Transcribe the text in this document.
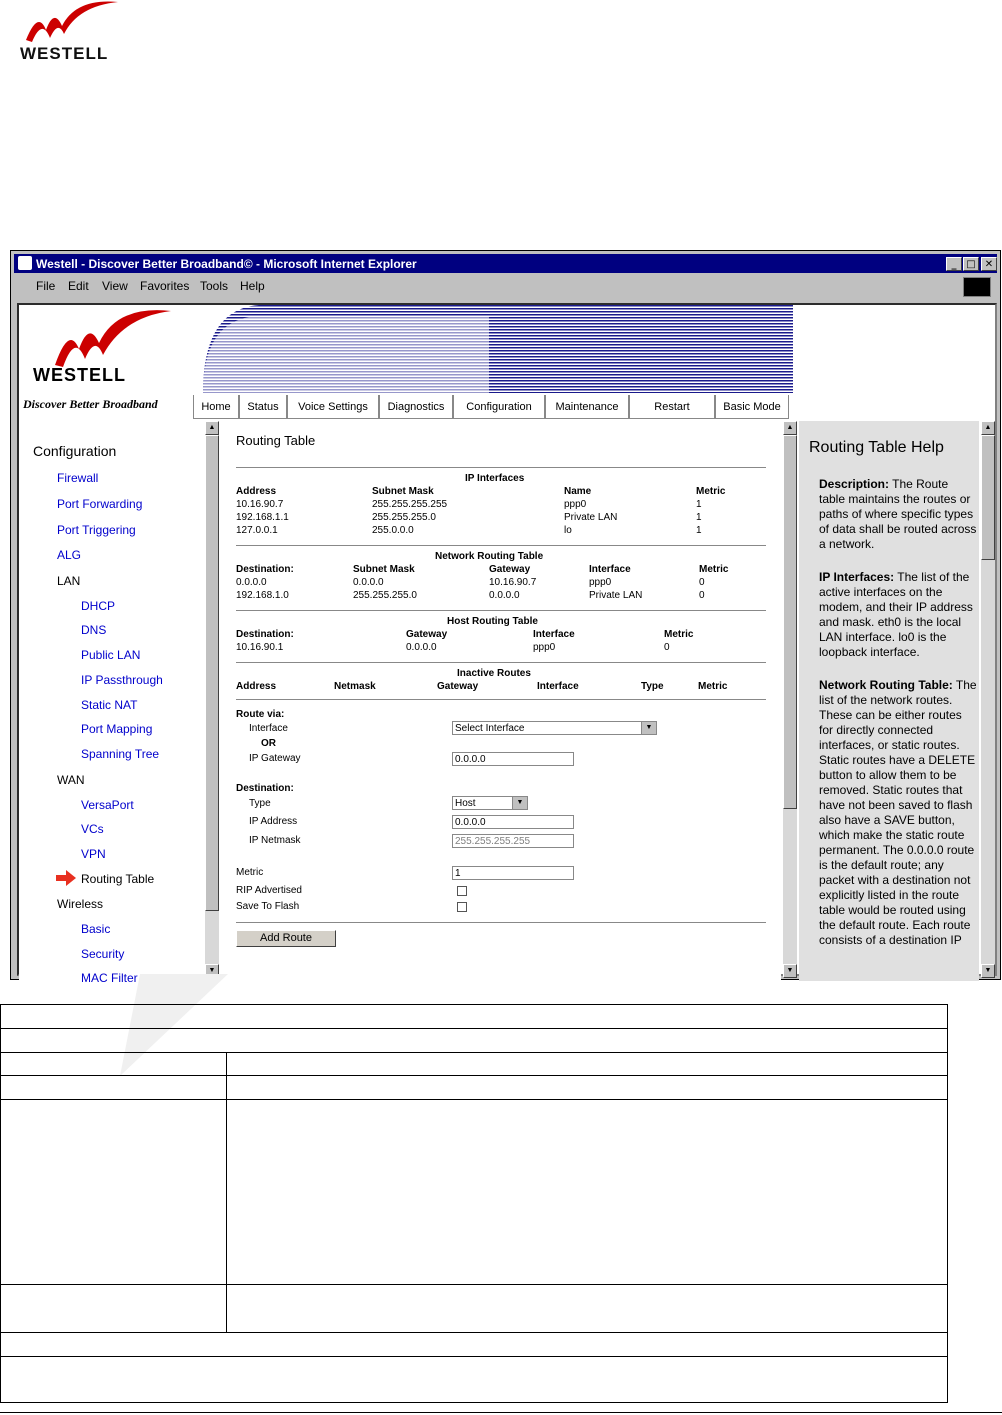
WESTELL
Westell - Discover Better Broadband© - Microsoft Internet Explorer	_ □ ✕
File Edit View Favorites Tools Help
WESTELL
Discover Better Broadband	Home	Status	Voice Settings	Diagnostics	Configuration	Maintenance	Restart	Basic Mode
Configuration
Firewall
Port Forwarding
Port Triggering
ALG
LAN
DHCP
DNS
Public LAN
IP Passthrough
Static NAT
Port Mapping
Spanning Tree
WAN
VersaPort
VCs
VPN
Routing Table
Wireless
Basic
Security
MAC Filter
▲
▼
Routing Table
IP Interfaces
Address	Subnet Mask	Name	Metric
10.16.90.7	255.255.255.255	ppp0	1
192.168.1.1	255.255.255.0	Private LAN	1
127.0.0.1	255.0.0.0	lo	1
Network Routing Table
Destination:	Subnet Mask	Gateway	Interface	Metric
0.0.0.0	0.0.0.0	10.16.90.7	ppp0	0
192.168.1.0	255.255.255.0	0.0.0.0	Private LAN	0
Host Routing Table
Destination:	Gateway	Interface	Metric
10.16.90.1	0.0.0.0	ppp0	0
Inactive Routes
Address	Netmask	Gateway	Interface	Type	Metric
Route via:
Interface	Select Interface	▼
OR
IP Gateway	0.0.0.0
Destination:
Type	Host	▼
IP Address	0.0.0.0
IP Netmask	255.255.255.255
Metric	1
RIP Advertised
Save To Flash
Add Route
▲
▼
Routing Table Help
Description: The Route table maintains the routes or paths of where specific types of data shall be routed across a network.
IP Interfaces: The list of the active interfaces on the modem, and their IP address and mask. eth0 is the local LAN interface. lo0 is the loopback interface.
Network Routing Table: The list of the network routes. These can be either routes for directly connected interfaces, or static routes. Static routes have a DELETE button to allow them to be removed. Static routes that have not been saved to flash also have a SAVE button, which make the static route permanent. The 0.0.0.0 route is the default route; any packet with a destination not explicitly listed in the route table would be routed using the default route. Each route consists of a destination IP
▲
▼
